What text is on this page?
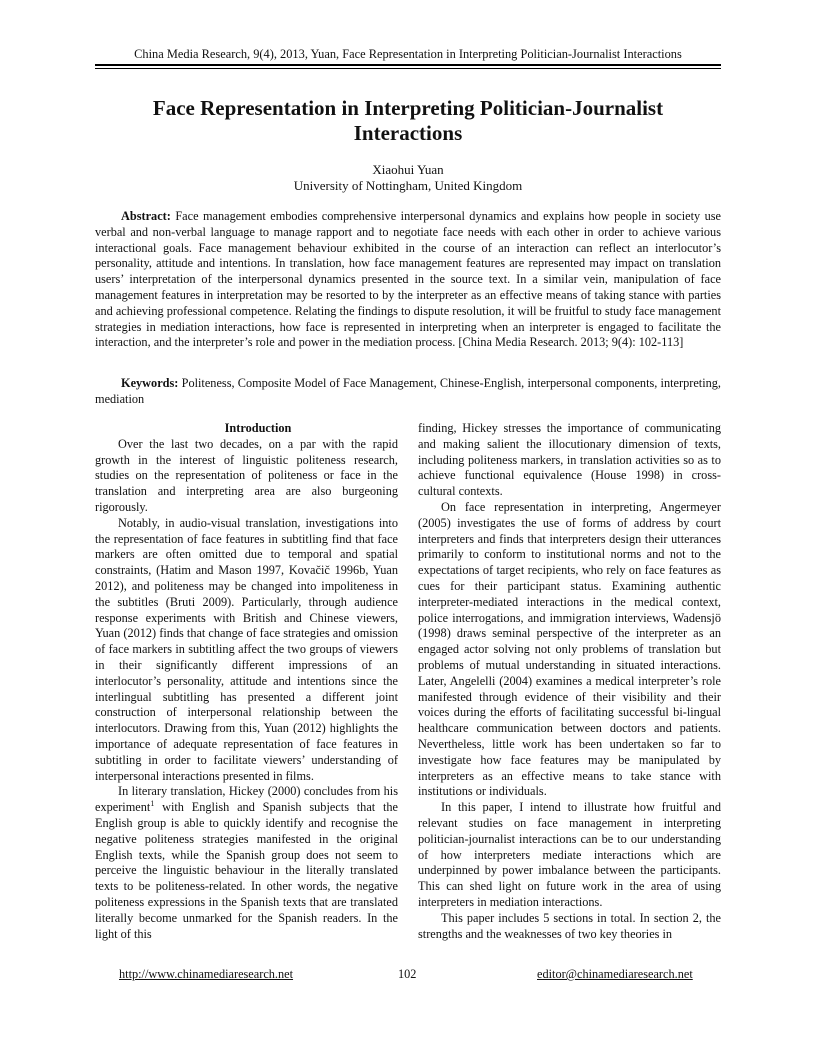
China Media Research, 9(4), 2013, Yuan, Face Representation in Interpreting Politician-Journalist Interactions
Face Representation in Interpreting Politician-Journalist Interactions
Xiaohui Yuan
University of Nottingham, United Kingdom

Abstract: Face management embodies comprehensive interpersonal dynamics and explains how people in society use verbal and non-verbal language to manage rapport and to negotiate face needs with each other in order to achieve various interactional goals. Face management behaviour exhibited in the course of an interaction can reflect an interlocutor’s personality, attitude and intentions. In translation, how face management features are represented may impact on translation users’ interpretation of the interpersonal dynamics presented in the source text. In a similar vein, manipulation of face management features in interpretation may be resorted to by the interpreter as an effective means of taking stance with parties and achieving professional competence. Relating the findings to dispute resolution, it will be fruitful to study face management strategies in mediation interactions, how face is represented in interpreting when an interpreter is engaged to facilitate the interaction, and the interpreter’s role and power in the mediation process. [China Media Research. 2013; 9(4): 102-113]

Keywords: Politeness, Composite Model of Face Management, Chinese-English, interpersonal components, interpreting, mediation

Introduction

Over the last two decades, on a par with the rapid growth in the interest of linguistic politeness research, studies on the representation of politeness or face in the translation and interpreting area are also burgeoning rigorously.

Notably, in audio-visual translation, investigations into the representation of face features in subtitling find that face markers are often omitted due to temporal and spatial constraints, (Hatim and Mason 1997, Kovačič 1996b, Yuan 2012), and politeness may be changed into impoliteness in the subtitles (Bruti 2009). Particularly, through audience response experiments with British and Chinese viewers, Yuan (2012) finds that change of face strategies and omission of face markers in subtitling affect the two groups of viewers in their significantly different impressions of an interlocutor’s personality, attitude and intentions since the interlingual subtitling has presented a different joint construction of interpersonal relationship between the interlocutors. Drawing from this, Yuan (2012) highlights the importance of adequate representation of face features in subtitling in order to facilitate viewers’ understanding of interpersonal interactions presented in films.

In literary translation, Hickey (2000) concludes from his experiment$^1$ with English and Spanish subjects that the English group is able to quickly identify and recognise the negative politeness strategies manifested in the original English texts, while the Spanish group does not seem to perceive the linguistic behaviour in the literally translated texts to be politeness-related. In other words, the negative politeness expressions in the Spanish texts that are translated literally become unmarked for the Spanish readers. In the light of this

finding, Hickey stresses the importance of communicating and making salient the illocutionary dimension of texts, including politeness markers, in translation activities so as to achieve functional equivalence (House 1998) in cross-cultural contexts.

On face representation in interpreting, Angermeyer (2005) investigates the use of forms of address by court interpreters and finds that interpreters design their utterances primarily to conform to institutional norms and not to the expectations of target recipients, who rely on face features as cues for their participant status. Examining authentic interpreter-mediated interactions in the medical context, police interrogations, and immigration interviews, Wadensjö (1998) draws seminal perspective of the interpreter as an engaged actor solving not only problems of translation but problems of mutual understanding in situated interactions. Later, Angelelli (2004) examines a medical interpreter’s role manifested through evidence of their visibility and their voices during the efforts of facilitating successful bi-lingual healthcare communication between doctors and patients. Nevertheless, little work has been undertaken so far to investigate how face features may be manipulated by interpreters as an effective means to take stance with institutions or individuals.

In this paper, I intend to illustrate how fruitful and relevant studies on face management in interpreting politician-journalist interactions can be to our understanding of how interpreters mediate interactions which are underpinned by power imbalance between the participants. This can shed light on future work in the area of using interpreters in mediation interactions.

This paper includes 5 sections in total. In section 2, the strengths and the weaknesses of two key theories in

http://www.chinamediaresearch.net	102	editor@chinamediaresearch.net
